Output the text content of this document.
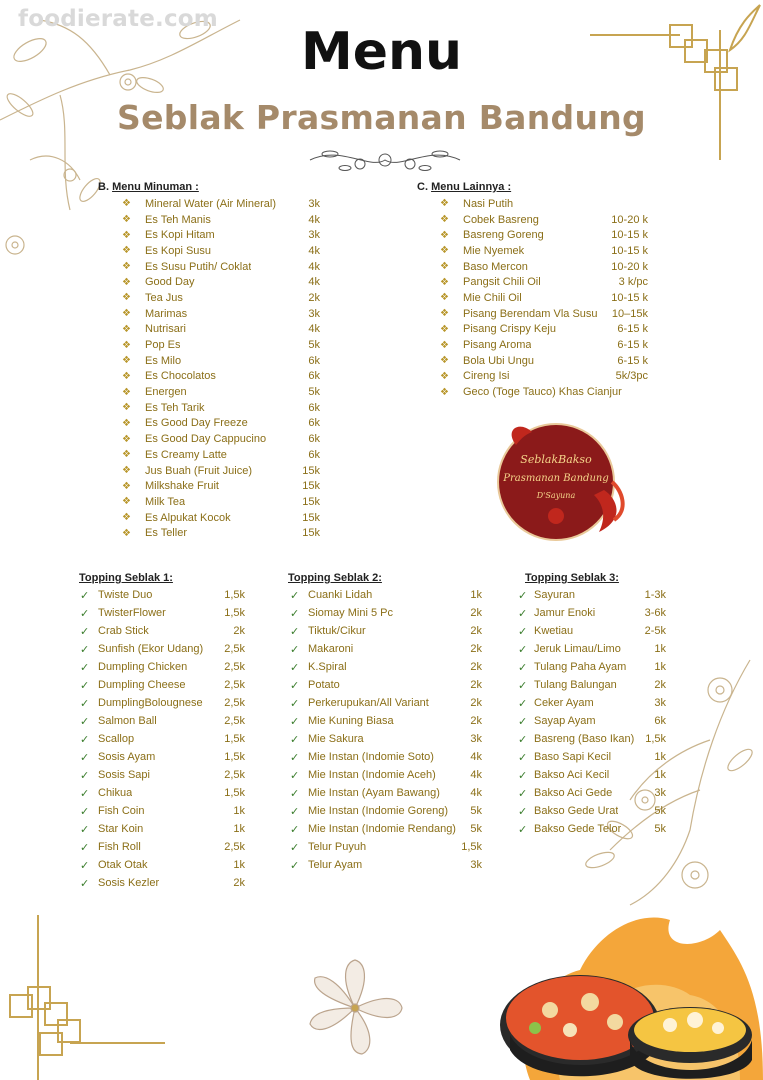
foodierate.com
Menu
Seblak Prasmanan Bandung
B. Menu Minuman :
❖	Mineral Water (Air Mineral)	3k
❖	Es Teh Manis	4k
❖	Es Kopi Hitam	3k
❖	Es Kopi Susu	4k
❖	Es Susu Putih/ Coklat	4k
❖	Good Day	4k
❖	Tea Jus	2k
❖	Marimas	3k
❖	Nutrisari	4k
❖	Pop Es	5k
❖	Es Milo	6k
❖	Es Chocolatos	6k
❖	Energen	5k
❖	Es Teh Tarik	6k
❖	Es Good Day Freeze	6k
❖	Es Good Day Cappucino	6k
❖	Es Creamy Latte	6k
❖	Jus Buah (Fruit Juice)	15k
❖	Milkshake Fruit	15k
❖	Milk Tea	15k
❖	Es Alpukat Kocok	15k
❖	Es Teller	15k
C. Menu Lainnya :
❖	Nasi Putih
❖	Cobek Basreng	10-20 k
❖	Basreng Goreng	10-15 k
❖	Mie Nyemek	10-15 k
❖	Baso Mercon	10-20 k
❖	Pangsit Chili Oil	3 k/pc
❖	Mie Chili Oil	10-15 k
❖	Pisang Berendam Vla Susu 10–15k
❖	Pisang Crispy Keju	6-15 k
❖	Pisang Aroma	6-15 k
❖	Bola Ubi Ungu	6-15 k
❖	Cireng Isi	5k/3pc
❖	Geco (Toge Tauco) Khas Cianjur
SeblakBakso
Prasmanan Bandung
D'Sayuna
Topping Seblak 1:
✓ Twiste Duo	1,5k
✓ TwisterFlower	1,5k
✓ Crab Stick	2k
✓ Sunfish (Ekor Udang) 2,5k
✓ Dumpling Chicken	2,5k
✓ Dumpling Cheese	2,5k
✓ DumplingBolougnese 2,5k
✓ Salmon Ball	2,5k
✓ Scallop	1,5k
✓ Sosis Ayam	1,5k
✓ Sosis Sapi	2,5k
✓ Chikua	1,5k
✓ Fish Coin	1k
✓ Star Koin	1k
✓ Fish Roll	2,5k
✓ Otak Otak	1k
✓ Sosis Kezler	2k
Topping Seblak 2:
✓ Cuanki Lidah	1k
✓ Siomay Mini 5 Pc	2k
✓ Tiktuk/Cikur	2k
✓ Makaroni	2k
✓ K.Spiral	2k
✓ Potato	2k
✓ Perkerupukan/All Variant	2k
✓ Mie Kuning Biasa	2k
✓ Mie Sakura	3k
✓ Mie Instan (Indomie Soto)	4k
✓ Mie Instan (Indomie Aceh)	4k
✓ Mie Instan (Ayam Bawang)	4k
✓ Mie Instan (Indomie Goreng) 5k
✓ Mie Instan (Indomie Rendang) 5k
✓ Telur Puyuh	1,5k
✓ Telur Ayam	3k
Topping Seblak 3:
✓ Sayuran	1-3k
✓ Jamur Enoki	3-6k
✓ Kwetiau	2-5k
✓ Jeruk Limau/Limo	1k
✓ Tulang Paha Ayam	1k
✓ Tulang Balungan	2k
✓ Ceker Ayam	3k
✓ Sayap Ayam	6k
✓ Basreng (Baso Ikan) 1,5k
✓ Baso Sapi Kecil	1k
✓ Bakso Aci Kecil	1k
✓ Bakso Aci Gede	3k
✓ Bakso Gede Urat	5k
✓ Bakso Gede Telor	5k
